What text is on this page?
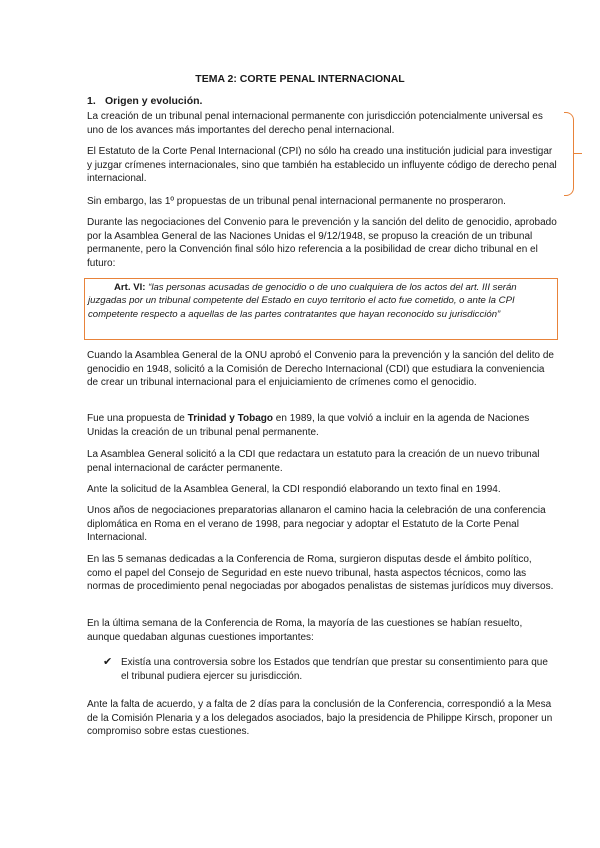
TEMA 2: CORTE PENAL INTERNACIONAL
1. Origen y evolución.

La creación de un tribunal penal internacional permanente con jurisdicción potencialmente universal es uno de los avances más importantes del derecho penal internacional.

El Estatuto de la Corte Penal Internacional (CPI) no sólo ha creado una institución judicial para investigar y juzgar crímenes internacionales, sino que también ha establecido un influyente código de derecho penal internacional.

Sin embargo, las 1º propuestas de un tribunal penal internacional permanente no prosperaron.

Durante las negociaciones del Convenio para le prevención y la sanción del delito de genocidio, aprobado por la Asamblea General de las Naciones Unidas el 9/12/1948, se propuso la creación de un tribunal permanente, pero la Convención final sólo hizo referencia a la posibilidad de crear dicho tribunal en el futuro:

Art. VI: “las personas acusadas de genocidio o de uno cualquiera de los actos del art. III serán juzgadas por un tribunal competente del Estado en cuyo territorio el acto fue cometido, o ante la CPI competente respecto a aquellas de las partes contratantes que hayan reconocido su jurisdicción”

Cuando la Asamblea General de la ONU aprobó el Convenio para la prevención y la sanción del delito de genocidio en 1948, solicitó a la Comisión de Derecho Internacional (CDI) que estudiara la conveniencia de crear un tribunal internacional para el enjuiciamiento de crímenes como el genocidio.

Fue una propuesta de Trinidad y Tobago en 1989, la que volvió a incluir en la agenda de Naciones Unidas la creación de un tribunal penal permanente.

La Asamblea General solicitó a la CDI que redactara un estatuto para la creación de un nuevo tribunal penal internacional de carácter permanente.

Ante la solicitud de la Asamblea General, la CDI respondió elaborando un texto final en 1994.

Unos años de negociaciones preparatorias allanaron el camino hacia la celebración de una conferencia diplomática en Roma en el verano de 1998, para negociar y adoptar el Estatuto de la Corte Penal Internacional.

En las 5 semanas dedicadas a la Conferencia de Roma, surgieron disputas desde el ámbito político, como el papel del Consejo de Seguridad en este nuevo tribunal, hasta aspectos técnicos, como las normas de procedimiento penal negociadas por abogados penalistas de sistemas jurídicos muy diversos.

En la última semana de la Conferencia de Roma, la mayoría de las cuestiones se habían resuelto, aunque quedaban algunas cuestiones importantes:

✔ Existía una controversia sobre los Estados que tendrían que prestar su consentimiento para que el tribunal pudiera ejercer su jurisdicción.

Ante la falta de acuerdo, y a falta de 2 días para la conclusión de la Conferencia, correspondió a la Mesa de la Comisión Plenaria y a los delegados asociados, bajo la presidencia de Philippe Kirsch, proponer un compromiso sobre estas cuestiones.
